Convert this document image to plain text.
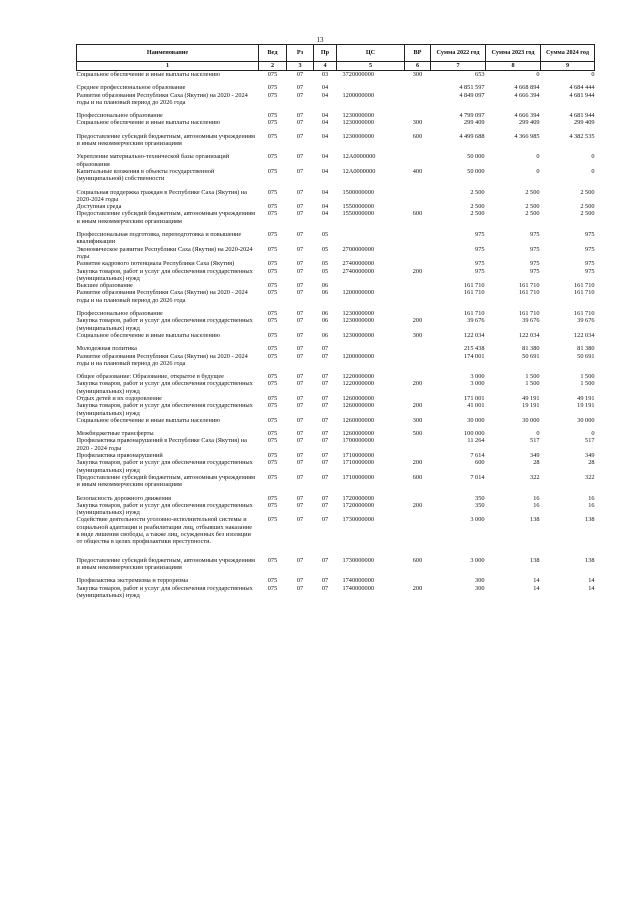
13
Наименование	Вед	Рз	Пр	ЦС	ВР	Сумма 2022 год	Сумма 2023 год	Сумма 2024 год
1	2	3	4	5	6	7	8	9
Социальное обеспечение и иные выплаты населению	075	07	03	3720000000	300	653	0	0
Среднее профессиональное образование	075	07	04			4 851 597	4 668 894	4 684 444
Развитие образования Республики Саха (Якутия) на 2020 - 2024 годы и на плановый период до 2026 года	075	07	04	1200000000		4 849 097	4 666 394	4 681 944
Профессиональное образование	075	07	04	1230000000		4 799 097	4 666 394	4 681 944
Социальное обеспечение и иные выплаты населению	075	07	04	1230000000	300	299 409	299 409	299 409
Предоставление субсидий бюджетным, автономным учреждениям и иным некоммерческим организациям	075	07	04	1230000000	600	4 499 688	4 366 985	4 382 535
Укрепление материально-технической базы организаций образования	075	07	04	12А0000000		50 000	0	0
Капитальные вложения в объекты государственной (муниципальной) собственности	075	07	04	12А0000000	400	50 000	0	0
Социальная поддержка граждан в Республике Саха (Якутия) на 2020-2024 годы	075	07	04	1500000000		2 500	2 500	2 500
Доступная среда	075	07	04	1550000000		2 500	2 500	2 500
Предоставление субсидий бюджетным, автономным учреждениям и иным некоммерческим организациям	075	07	04	1550000000	600	2 500	2 500	2 500
Профессиональная подготовка, переподготовка и повышение квалификации	075	07	05			975	975	975
Экономическое развитие Республики Саха (Якутия) на 2020-2024 годы	075	07	05	2700000000		975	975	975
Развитие кадрового потенциала Республики Саха (Якутия)	075	07	05	2740000000		975	975	975
Закупка товаров, работ и услуг для обеспечения государственных (муниципальных) нужд	075	07	05	2740000000	200	975	975	975
Высшее образование	075	07	06			161 710	161 710	161 710
Развитие образования Республики Саха (Якутия) на 2020 - 2024 годы и на плановый период до 2026 года	075	07	06	1200000000		161 710	161 710	161 710
Профессиональное образование	075	07	06	1230000000		161 710	161 710	161 710
Закупка товаров, работ и услуг для обеспечения государственных (муниципальных) нужд	075	07	06	1230000000	200	39 676	39 676	39 676
Социальное обеспечение и иные выплаты населению	075	07	06	1230000000	300	122 034	122 034	122 034
Молодежная политика	075	07	07			215 438	81 380	81 380
Развитие образования Республики Саха (Якутия) на 2020 - 2024 годы и на плановый период до 2026 года	075	07	07	1200000000		174 001	50 691	50 691
Общее образование: Образование, открытое в будущее	075	07	07	1220000000		3 000	1 500	1 500
Закупка товаров, работ и услуг для обеспечения государственных (муниципальных) нужд	075	07	07	1220000000	200	3 000	1 500	1 500
Отдых детей и их оздоровление	075	07	07	1260000000		171 001	49 191	49 191
Закупка товаров, работ и услуг для обеспечения государственных (муниципальных) нужд	075	07	07	1260000000	200	41 001	19 191	19 191
Социальное обеспечение и иные выплаты населению	075	07	07	1260000000	300	30 000	30 000	30 000
Межбюджетные трансферты	075	07	07	1260000000	500	100 000	0	0
Профилактика правонарушений в Республике Саха (Якутия) на 2020 - 2024 годы	075	07	07	1700000000		11 264	517	517
Профилактика правонарушений	075	07	07	1710000000		7 614	349	349
Закупка товаров, работ и услуг для обеспечения государственных (муниципальных) нужд	075	07	07	1710000000	200	600	28	28
Предоставление субсидий бюджетным, автономным учреждениям и иным некоммерческим организациям	075	07	07	1710000000	600	7 014	322	322
Безопасность дорожного движения	075	07	07	1720000000		350	16	16
Закупка товаров, работ и услуг для обеспечения государственных (муниципальных) нужд	075	07	07	1720000000	200	350	16	16
Содействие деятельности уголовно-исполнительной системы и социальной адаптации и реабилитации лиц, отбывших наказание в виде лишения свободы, а также лиц, осужденных без изоляции от общества в целях профилактики преступности.	075	07	07	1730000000		3 000	138	138
Предоставление субсидий бюджетным, автономным учреждениям и иным некоммерческим организациям	075	07	07	1730000000	600	3 000	138	138
Профилактика экстремизма и терроризма	075	07	07	1740000000		300	14	14
Закупка товаров, работ и услуг для обеспечения государственных (муниципальных) нужд	075	07	07	1740000000	200	300	14	14
